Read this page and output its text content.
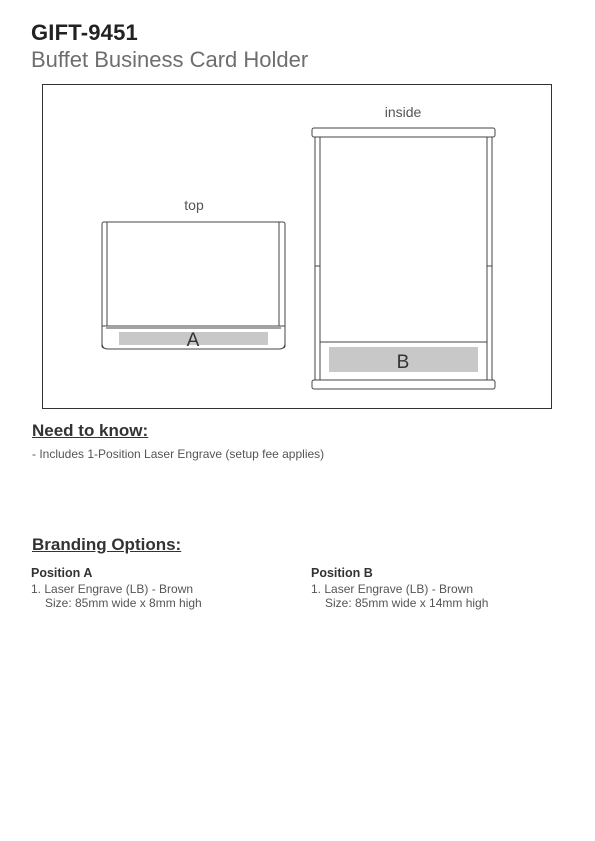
GIFT-9451
Buffet Business Card Holder
top
A
inside
B
Need to know:
- Includes 1-Position Laser Engrave (setup fee applies)
Branding Options:
Position A
1. Laser Engrave (LB) - Brown
Size: 85mm wide x 8mm high
Position B
1. Laser Engrave (LB) - Brown
Size: 85mm wide x 14mm high
